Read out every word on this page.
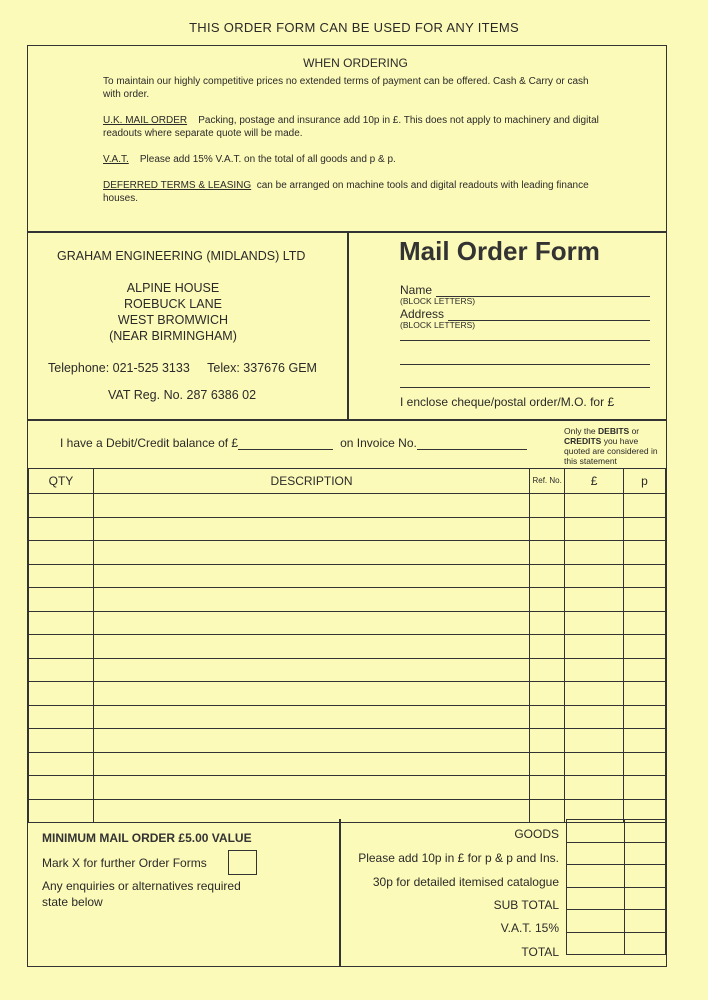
THIS ORDER FORM CAN BE USED FOR ANY ITEMS
WHEN ORDERING

To maintain our highly competitive prices no extended terms of payment can be offered. Cash & Carry or cash with order.

U.K. MAIL ORDER Packing, postage and insurance add 10p in £. This does not apply to machinery and digital readouts where separate quote will be made.

V.A.T. Please add 15% V.A.T. on the total of all goods and p & p.

DEFERRED TERMS & LEASING can be arranged on machine tools and digital readouts with leading finance houses.

GRAHAM ENGINEERING (MIDLANDS) LTD
ALPINE HOUSE
ROEBUCK LANE
WEST BROMWICH
(NEAR BIRMINGHAM)
Telephone: 021-525 3133 Telex: 337676 GEM
VAT Reg. No. 287 6386 02
Mail Order Form
Name
(BLOCK LETTERS)
Address
(BLOCK LETTERS)
I enclose cheque/postal order/M.O. for £
I have a Debit/Credit balance of £	on Invoice No.
Only the DEBITS or CREDITS you have quoted are considered in this statement
QTY	DESCRIPTION	Ref. No.	£	p

MINIMUM MAIL ORDER £5.00 VALUE
Mark X for further Order Forms
Any enquiries or alternatives required state below
GOODS
Please add 10p in £ for p & p and Ins.
30p for detailed itemised catalogue
SUB TOTAL
V.A.T. 15%
TOTAL
